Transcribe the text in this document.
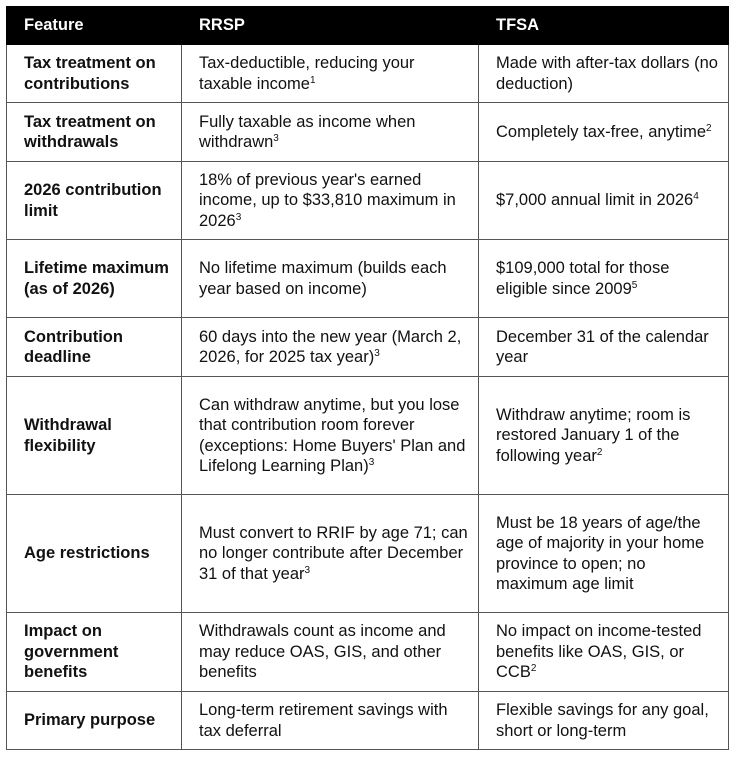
Feature	RRSP	TFSA
Tax treatment on contributions	Tax-deductible, reducing your taxable income$^1$	Made with after-tax dollars (no deduction)
Tax treatment on withdrawals	Fully taxable as income when withdrawn$^3$	Completely tax-free, anytime$^2$
2026 contribution limit	18% of previous year's earned income, up to $33,810 maximum in 2026$^3$	$7,000 annual limit in 2026$^4$
Lifetime maximum (as of 2026)	No lifetime maximum (builds each year based on income)	$109,000 total for those eligible since 2009$^5$
Contribution deadline	60 days into the new year (March 2, 2026, for 2025 tax year)$^3$	December 31 of the calendar year
Withdrawal flexibility	Can withdraw anytime, but you lose that contribution room forever (exceptions: Home Buyers' Plan and Lifelong Learning Plan)$^3$	Withdraw anytime; room is restored January 1 of the following year$^2$
Age restrictions	Must convert to RRIF by age 71; can no longer contribute after December 31 of that year$^3$	Must be 18 years of age/the age of majority in your home province to open; no maximum age limit
Impact on government benefits	Withdrawals count as income and may reduce OAS, GIS, and other benefits	No impact on income-tested benefits like OAS, GIS, or CCB$^2$
Primary purpose	Long-term retirement savings with tax deferral	Flexible savings for any goal, short or long-term
